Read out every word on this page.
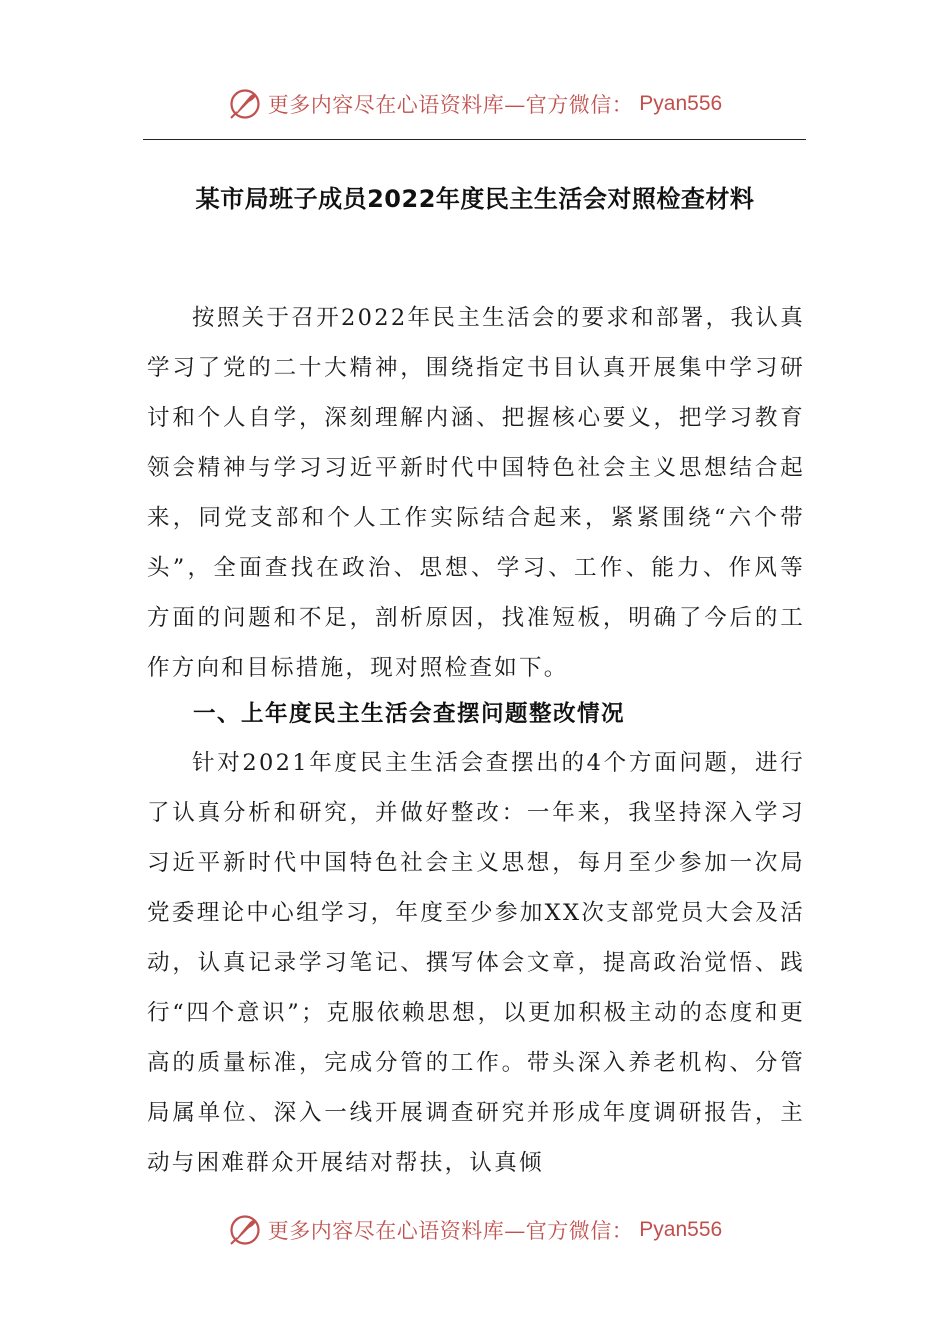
更多内容尽在心语资料库—官方微信： Pyan556
某市局班子成员2022年度民主生活会对照检查材料

按照关于召开2022年民主生活会的要求和部署，我认真学习了党的二十大精神，围绕指定书目认真开展集中学习研讨和个人自学，深刻理解内涵、把握核心要义，把学习教育领会精神与学习习近平新时代中国特色社会主义思想结合起来，同党支部和个人工作实际结合起来，紧紧围绕“六个带头”，全面查找在政治、思想、学习、工作、能力、作风等方面的问题和不足，剖析原因，找准短板，明确了今后的工作方向和目标措施，现对照检查如下。

一、上年度民主生活会查摆问题整改情况

针对2021年度民主生活会查摆出的4个方面问题，进行了认真分析和研究，并做好整改：一年来，我坚持深入学习习近平新时代中国特色社会主义思想，每月至少参加一次局党委理论中心组学习，年度至少参加XX次支部党员大会及活动，认真记录学习笔记、撰写体会文章，提高政治觉悟、践行“四个意识”；克服依赖思想，以更加积极主动的态度和更高的质量标准，完成分管的工作。带头深入养老机构、分管局属单位、深入一线开展调查研究并形成年度调研报告，主动与困难群众开展结对帮扶，认真倾

更多内容尽在心语资料库—官方微信： Pyan556
